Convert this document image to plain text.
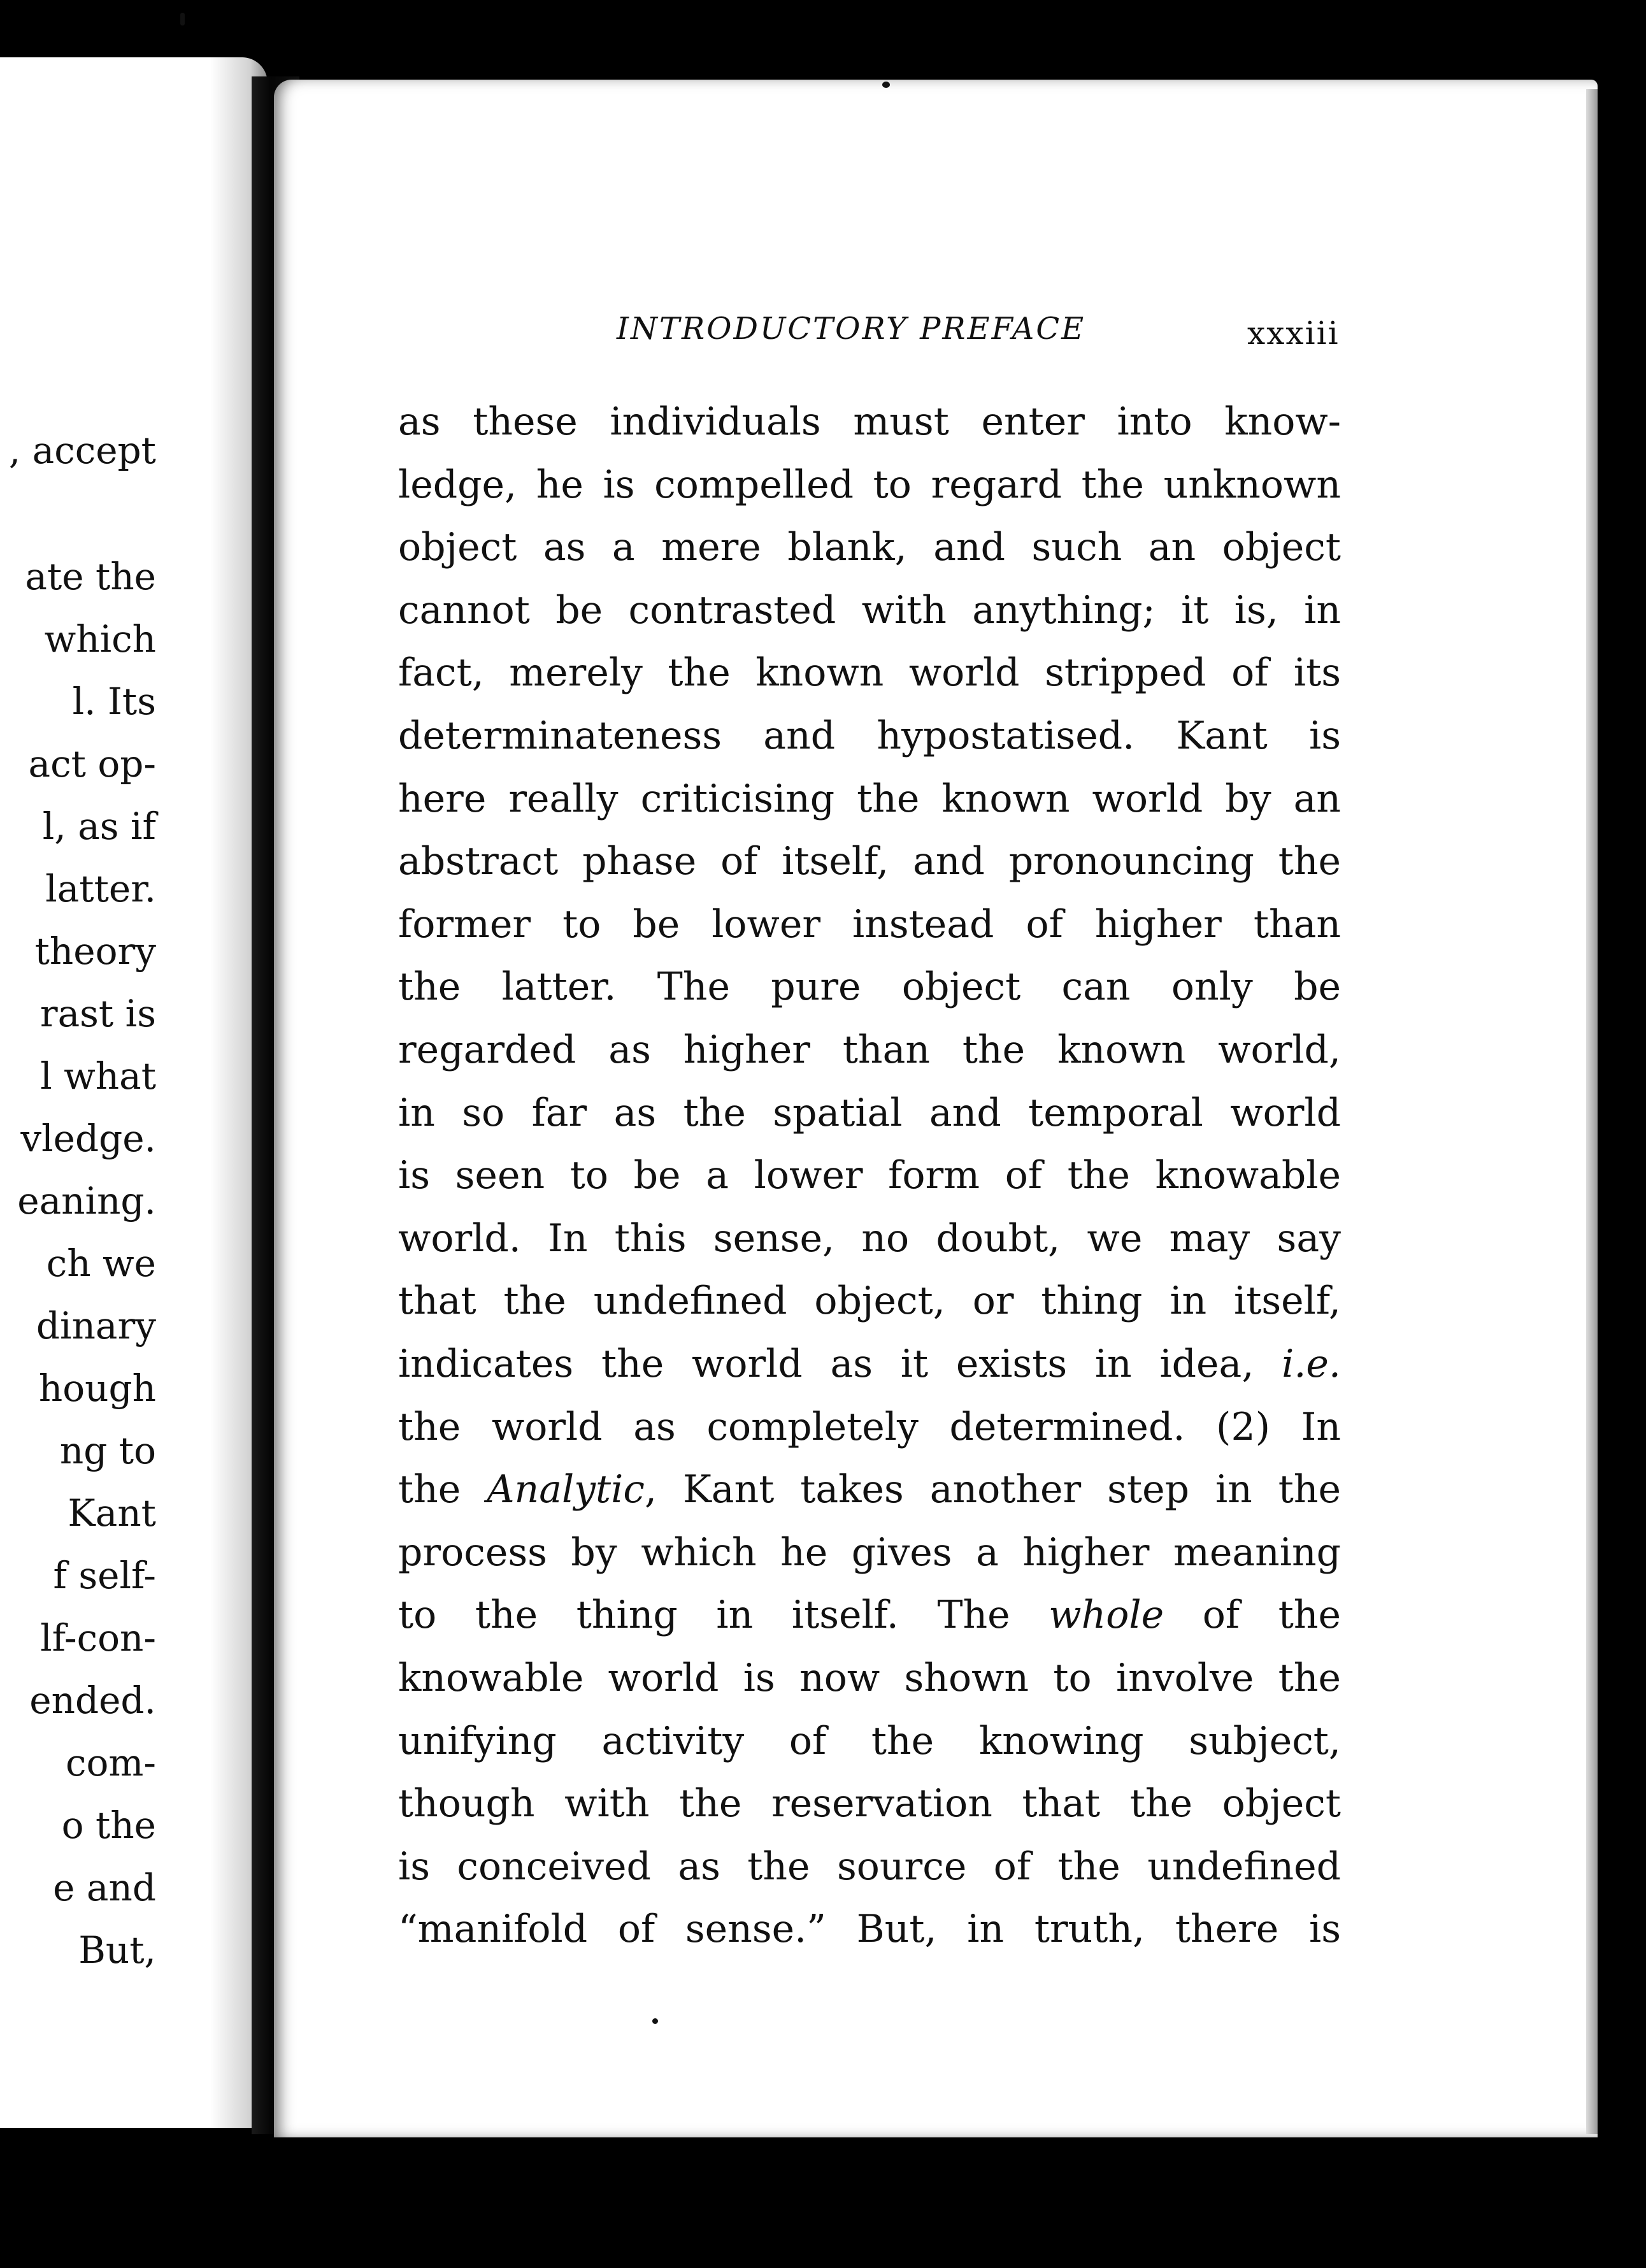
, accept
ate the
which
l. Its
act op-
l, as if
latter.
theory
rast is
l what
vledge.
eaning.
ch we
dinary
hough
ng to
Kant
f self-
lf-con-
ended.
com-
o the
e and
But,
INTRODUCTORY PREFACE	xxxiii
as these individuals must enter into know-
ledge, he is compelled to regard the unknown
object as a mere blank, and such an object
cannot be contrasted with anything; it is, in
fact, merely the known world stripped of its
determinateness and hypostatised. Kant is
here really criticising the known world by an
abstract phase of itself, and pronouncing the
former to be lower instead of higher than
the latter. The pure object can only be
regarded as higher than the known world,
in so far as the spatial and temporal world
is seen to be a lower form of the knowable
world. In this sense, no doubt, we may say
that the undefined object, or thing in itself,
indicates the world as it exists in idea, i.e.
the world as completely determined. (2) In
the Analytic, Kant takes another step in the
process by which he gives a higher meaning
to the thing in itself. The whole of the
knowable world is now shown to involve the
unifying activity of the knowing subject,
though with the reservation that the object
is conceived as the source of the undefined
“manifold of sense.” But, in truth, there is
